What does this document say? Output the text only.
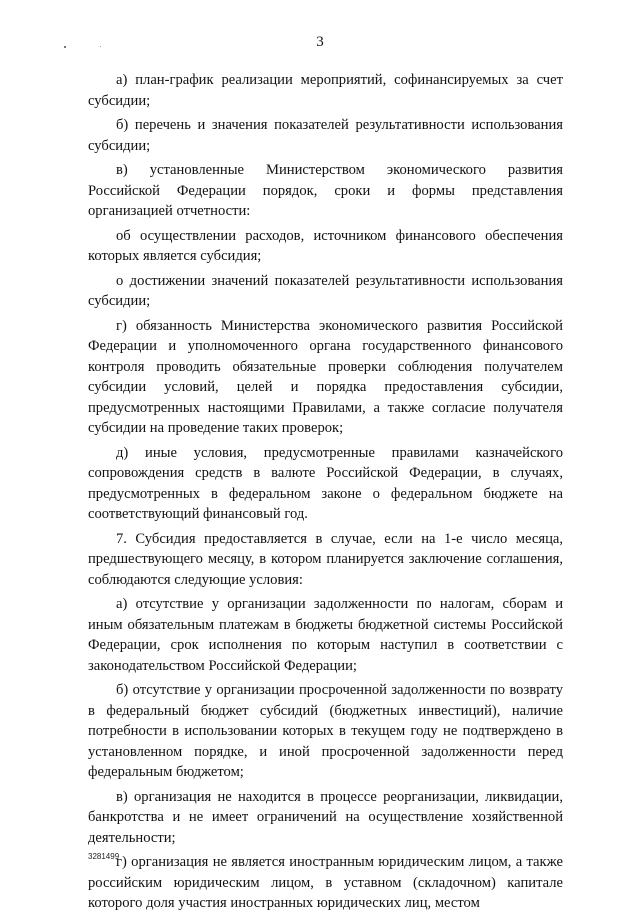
3

а) план-график реализации мероприятий, софинансируемых за счет субсидии;

б) перечень и значения показателей результативности использования субсидии;

в) установленные Министерством экономического развития Российской Федерации порядок, сроки и формы представления организацией отчетности:

об осуществлении расходов, источником финансового обеспечения которых является субсидия;

о достижении значений показателей результативности использования субсидии;

г) обязанность Министерства экономического развития Российской Федерации и уполномоченного органа государственного финансового контроля проводить обязательные проверки соблюдения получателем субсидии условий, целей и порядка предоставления субсидии, предусмотренных настоящими Правилами, а также согласие получателя субсидии на проведение таких проверок;

д) иные условия, предусмотренные правилами казначейского сопровождения средств в валюте Российской Федерации, в случаях, предусмотренных в федеральном законе о федеральном бюджете на соответствующий финансовый год.

7. Субсидия предоставляется в случае, если на 1-е число месяца, предшествующего месяцу, в котором планируется заключение соглашения, соблюдаются следующие условия:

а) отсутствие у организации задолженности по налогам, сборам и иным обязательным платежам в бюджеты бюджетной системы Российской Федерации, срок исполнения по которым наступил в соответствии с законодательством Российской Федерации;

б) отсутствие у организации просроченной задолженности по возврату в федеральный бюджет субсидий (бюджетных инвестиций), наличие потребности в использовании которых в текущем году не подтверждено в установленном порядке, и иной просроченной задолженности перед федеральным бюджетом;

в) организация не находится в процессе реорганизации, ликвидации, банкротства и не имеет ограничений на осуществление хозяйственной деятельности;

г) организация не является иностранным юридическим лицом, а также российским юридическим лицом, в уставном (складочном) капитале которого доля участия иностранных юридических лиц, местом

3281499
